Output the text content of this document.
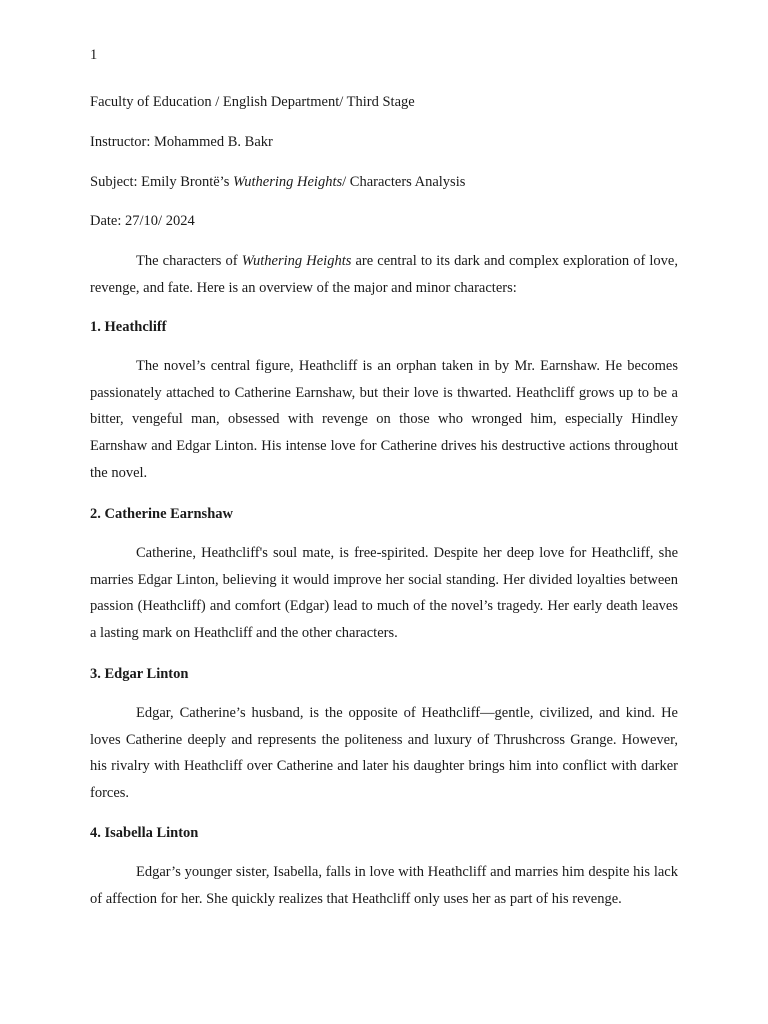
1
Faculty of Education / English Department/ Third Stage
Instructor: Mohammed B. Bakr
Subject: Emily Brontë’s Wuthering Heights/ Characters Analysis
Date: 27/10/ 2024

The characters of Wuthering Heights are central to its dark and complex exploration of love, revenge, and fate. Here is an overview of the major and minor characters:

1. Heathcliff

The novel’s central figure, Heathcliff is an orphan taken in by Mr. Earnshaw. He becomes passionately attached to Catherine Earnshaw, but their love is thwarted. Heathcliff grows up to be a bitter, vengeful man, obsessed with revenge on those who wronged him, especially Hindley Earnshaw and Edgar Linton. His intense love for Catherine drives his destructive actions throughout the novel.

2. Catherine Earnshaw

Catherine, Heathcliff's soul mate, is free-spirited. Despite her deep love for Heathcliff, she marries Edgar Linton, believing it would improve her social standing. Her divided loyalties between passion (Heathcliff) and comfort (Edgar) lead to much of the novel’s tragedy. Her early death leaves a lasting mark on Heathcliff and the other characters.

3. Edgar Linton

Edgar, Catherine’s husband, is the opposite of Heathcliff—gentle, civilized, and kind. He loves Catherine deeply and represents the politeness and luxury of Thrushcross Grange. However, his rivalry with Heathcliff over Catherine and later his daughter brings him into conflict with darker forces.

4. Isabella Linton

Edgar’s younger sister, Isabella, falls in love with Heathcliff and marries him despite his lack of affection for her. She quickly realizes that Heathcliff only uses her as part of his revenge.
